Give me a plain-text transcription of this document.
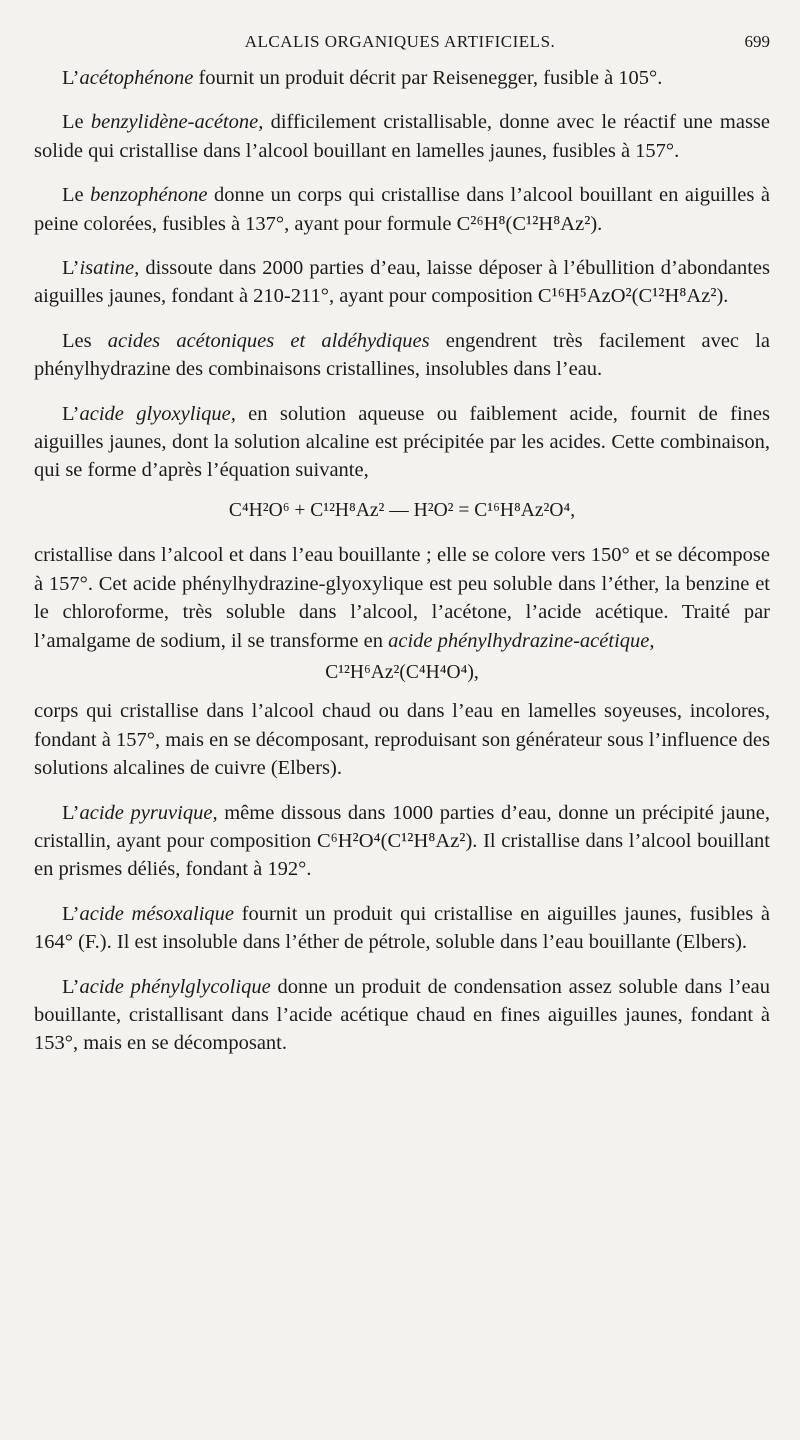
ALCALIS ORGANIQUES ARTIFICIELS.	699

L’acétophénone fournit un produit décrit par Reisenegger, fusible à 105°.

Le benzylidène-acétone, difficilement cristallisable, donne avec le réactif une masse solide qui cristallise dans l’alcool bouillant en lamelles jaunes, fusibles à 157°.

Le benzophénone donne un corps qui cristallise dans l’alcool bouillant en aiguilles à peine colorées, fusibles à 137°, ayant pour formule C²⁶H⁸(C¹²H⁸Az²).

L’isatine, dissoute dans 2000 parties d’eau, laisse déposer à l’ébullition d’abondantes aiguilles jaunes, fondant à 210-211°, ayant pour composition C¹⁶H⁵AzO²(C¹²H⁸Az²).

Les acides acétoniques et aldéhydiques engendrent très facilement avec la phénylhydrazine des combinaisons cristallines, insolubles dans l’eau.

L’acide glyoxylique, en solution aqueuse ou faiblement acide, fournit de fines aiguilles jaunes, dont la solution alcaline est précipitée par les acides. Cette combinaison, qui se forme d’après l’équation suivante,

C⁴H²O⁶ + C¹²H⁸Az² — H²O² = C¹⁶H⁸Az²O⁴,

cristallise dans l’alcool et dans l’eau bouillante ; elle se colore vers 150° et se décompose à 157°. Cet acide phénylhydrazine-glyoxylique est peu soluble dans l’éther, la benzine et le chloroforme, très soluble dans l’alcool, l’acétone, l’acide acétique. Traité par l’amalgame de sodium, il se transforme en acide phénylhydrazine-acétique,

C¹²H⁶Az²(C⁴H⁴O⁴),

corps qui cristallise dans l’alcool chaud ou dans l’eau en lamelles soyeuses, incolores, fondant à 157°, mais en se décomposant, reproduisant son générateur sous l’influence des solutions alcalines de cuivre (Elbers).

L’acide pyruvique, même dissous dans 1000 parties d’eau, donne un précipité jaune, cristallin, ayant pour composition C⁶H²O⁴(C¹²H⁸Az²). Il cristallise dans l’alcool bouillant en prismes déliés, fondant à 192°.

L’acide mésoxalique fournit un produit qui cristallise en aiguilles jaunes, fusibles à 164° (F.). Il est insoluble dans l’éther de pétrole, soluble dans l’eau bouillante (Elbers).

L’acide phénylglycolique donne un produit de condensation assez soluble dans l’eau bouillante, cristallisant dans l’acide acétique chaud en fines aiguilles jaunes, fondant à 153°, mais en se décomposant.
